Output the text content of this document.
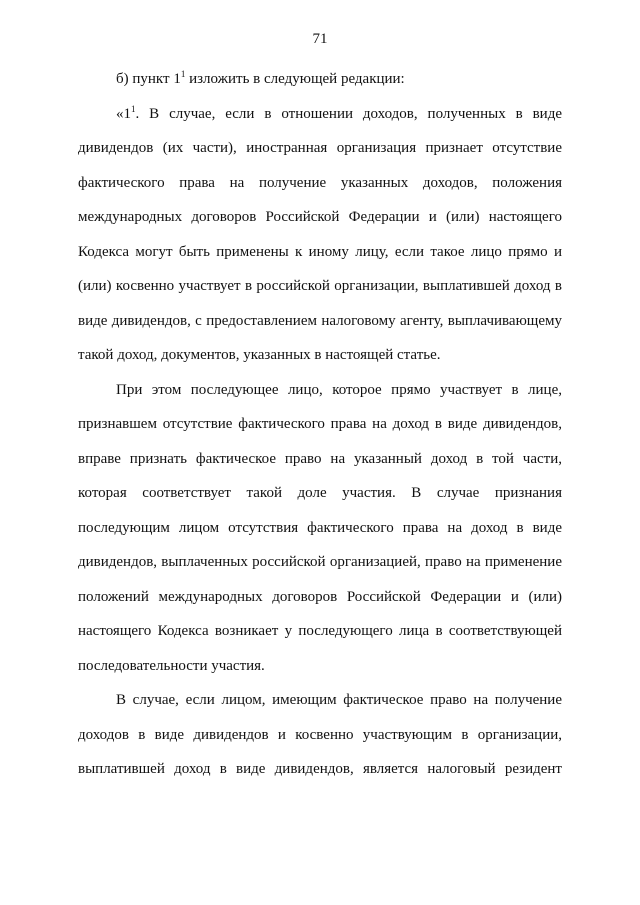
71
б) пункт $1^1$ изложить в следующей редакции:
«$1^1$. В случае, если в отношении доходов, полученных в виде
дивидендов (их части), иностранная организация признает отсутствие
фактического права на получение указанных доходов, положения
международных договоров Российской Федерации и (или) настоящего
Кодекса могут быть применены к иному лицу, если такое лицо прямо и
(или) косвенно участвует в российской организации, выплатившей доход в
виде дивидендов, с предоставлением налоговому агенту, выплачивающему
такой доход, документов, указанных в настоящей статье.
При этом последующее лицо, которое прямо участвует в лице,
признавшем отсутствие фактического права на доход в виде дивидендов,
вправе признать фактическое право на указанный доход в той части,
которая соответствует такой доле участия. В случае признания
последующим лицом отсутствия фактического права на доход в виде
дивидендов, выплаченных российской организацией, право на применение
положений международных договоров Российской Федерации и (или)
настоящего Кодекса возникает у последующего лица в соответствующей
последовательности участия.
В случае, если лицом, имеющим фактическое право на получение
доходов в виде дивидендов и косвенно участвующим в организации,
выплатившей доход в виде дивидендов, является налоговый резидент
